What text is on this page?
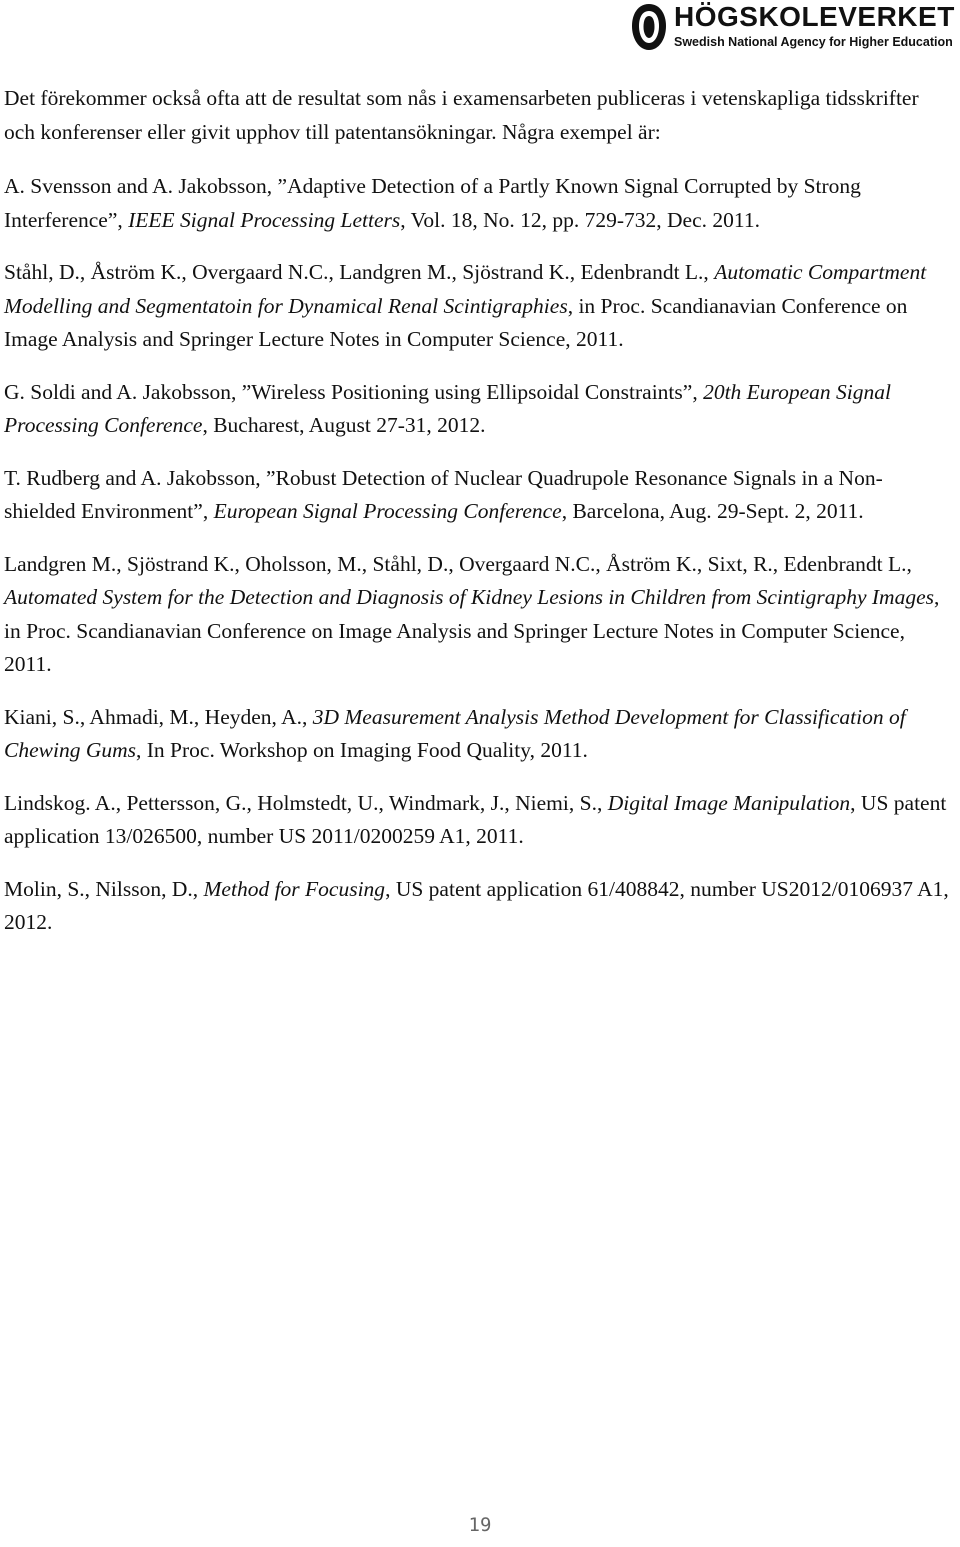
HÖGSKOLEVERKET
Swedish National Agency for Higher Education

Det förekommer också ofta att de resultat som nås i examensarbeten publiceras i vetenskapliga tidsskrifter och konferenser eller givit upphov till patentansökningar. Några exempel är:

A. Svensson and A. Jakobsson, ”Adaptive Detection of a Partly Known Signal Corrupted by Strong Interference”, IEEE Signal Processing Letters, Vol. 18, No. 12, pp. 729-732, Dec. 2011.

Ståhl, D., Åström K., Overgaard N.C., Landgren M., Sjöstrand K., Edenbrandt L., Automatic Compartment Modelling and Segmentatoin for Dynamical Renal Scintigraphies, in Proc. Scandianavian Conference on Image Analysis and Springer Lecture Notes in Computer Science, 2011.

G. Soldi and A. Jakobsson, ”Wireless Positioning using Ellipsoidal Constraints”, 20th European Signal Processing Conference, Bucharest, August 27-31, 2012.

T. Rudberg and A. Jakobsson, ”Robust Detection of Nuclear Quadrupole Resonance Signals in a Non-shielded Environment”, European Signal Processing Conference, Barcelona, Aug. 29-Sept. 2, 2011.

Landgren M., Sjöstrand K., Oholsson, M., Ståhl, D., Overgaard N.C., Åström K., Sixt, R., Edenbrandt L., Automated System for the Detection and Diagnosis of Kidney Lesions in Children from Scintigraphy Images, in Proc. Scandianavian Conference on Image Analysis and Springer Lecture Notes in Computer Science, 2011.

Kiani, S., Ahmadi, M., Heyden, A., 3D Measurement Analysis Method Development for Classification of Chewing Gums, In Proc. Workshop on Imaging Food Quality, 2011.

Lindskog. A., Pettersson, G., Holmstedt, U., Windmark, J., Niemi, S., Digital Image Manipulation, US patent application 13/026500, number US 2011/0200259 A1, 2011.

Molin, S., Nilsson, D., Method for Focusing, US patent application 61/408842, number US2012/0106937 A1, 2012.

19
